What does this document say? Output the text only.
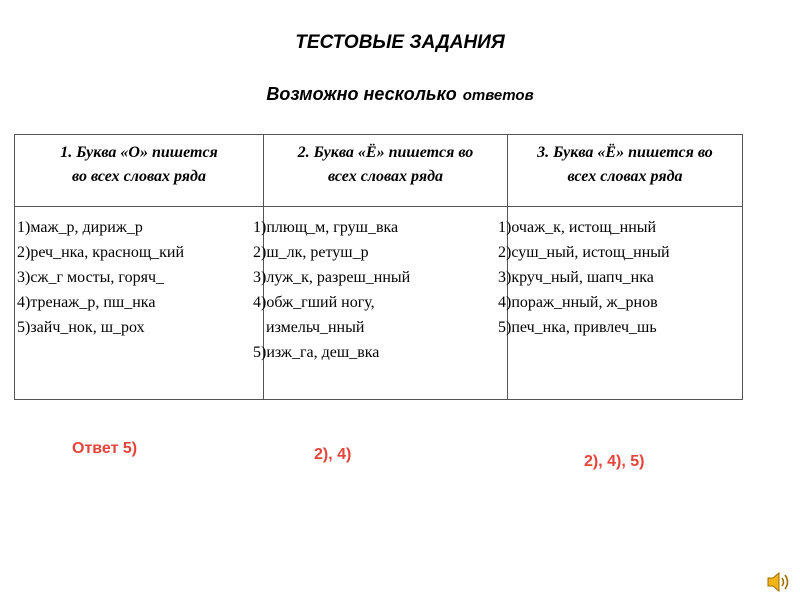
ТЕСТОВЫЕ ЗАДАНИЯ
Возможно несколько ответов
1. Буква «О» пишется
во всех словах ряда
2. Буква «Ё» пишется во
всех словах ряда
3. Буква «Ё» пишется во
всех словах ряда
1)маж_р, дириж_р
2)реч_нка, краснощ_кий
3)сж_г мосты, горяч_
4)тренаж_р, пш_нка
5)зайч_нок, ш_рох
1)плющ_м, груш_вка
2)ш_лк, ретуш_р
3)луж_к, разреш_нный
4)обж_гший ногу,
измельч_нный
5)изж_га, деш_вка
1)очаж_к, истощ_нный
2)суш_ный, истощ_нный
3)круч_ный, шапч_нка
4)пораж_нный, ж_рнов
5)печ_нка, привлеч_шь
Ответ 5)	2), 4)	2), 4), 5)
